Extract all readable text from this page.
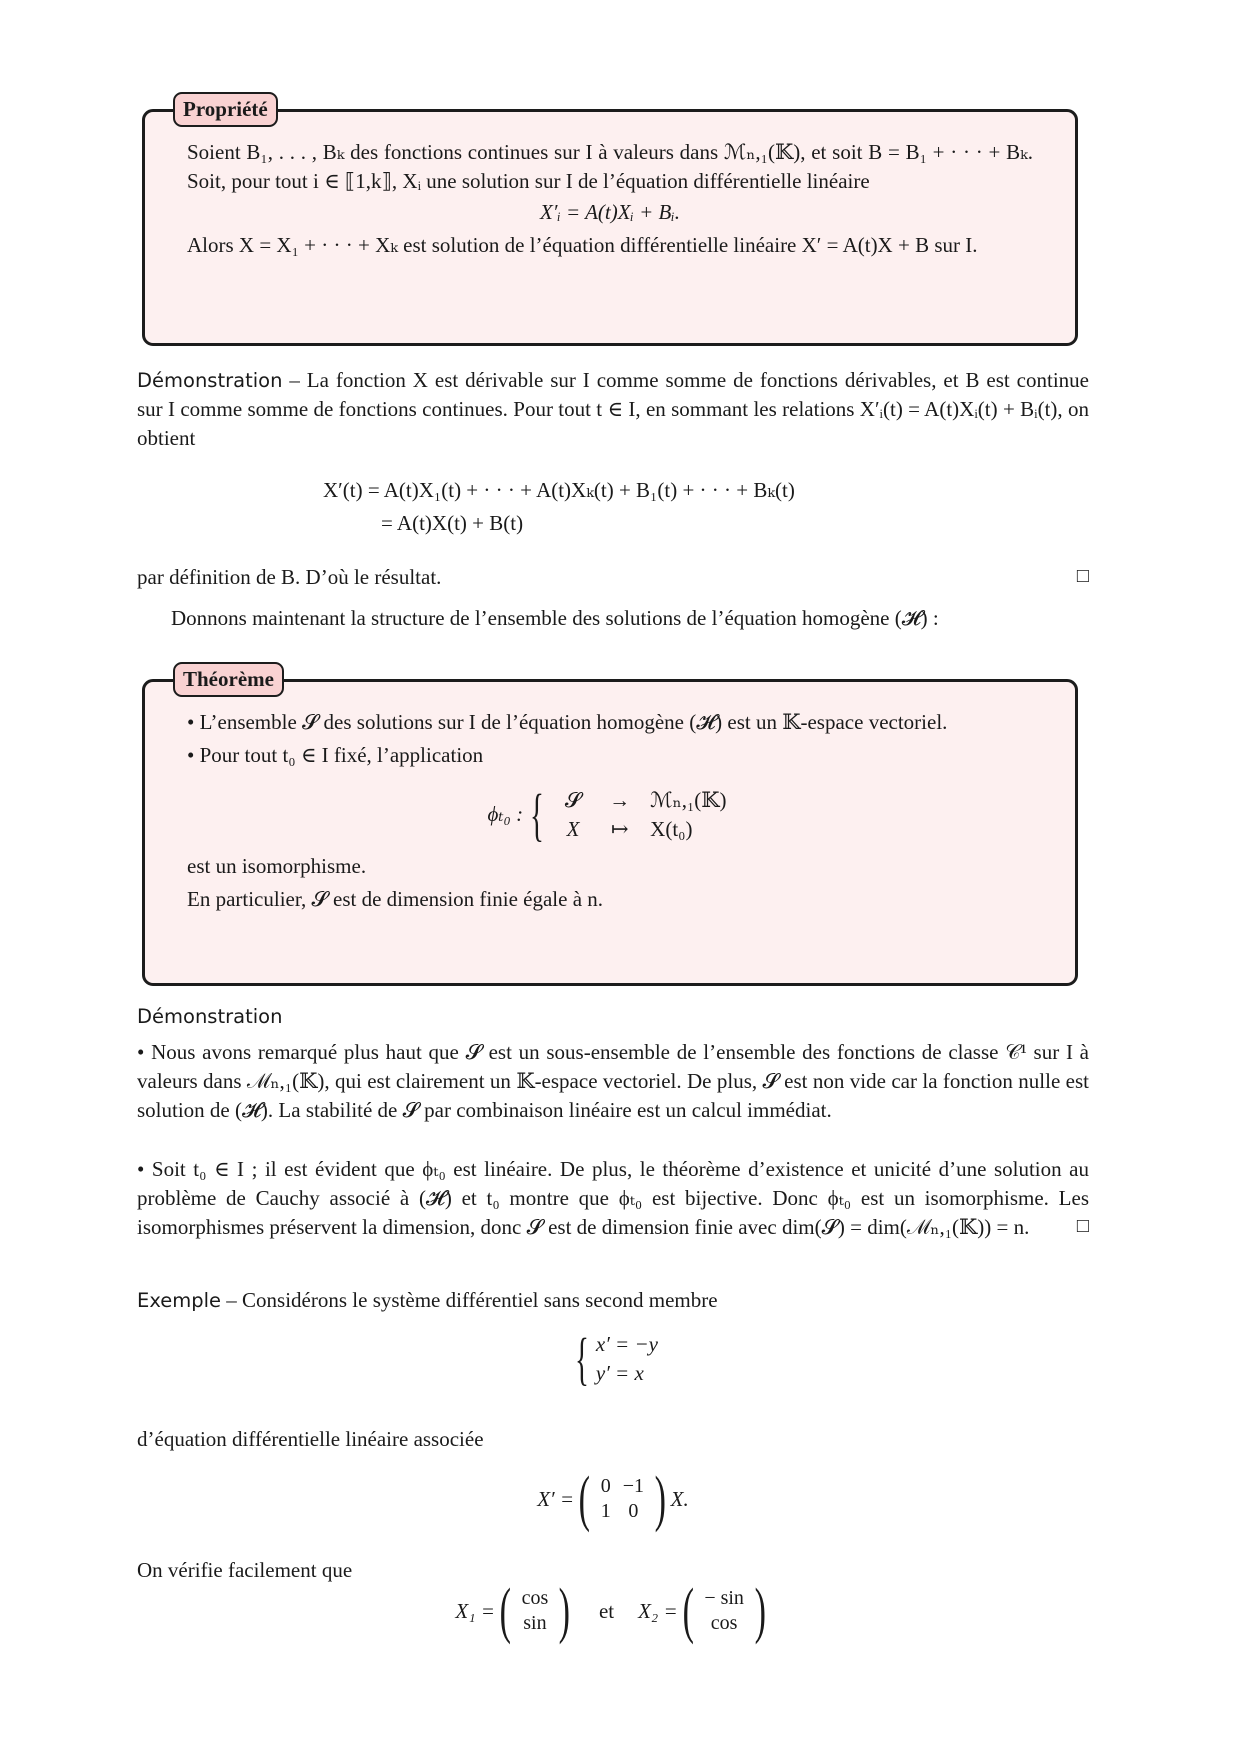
Propriété
Soient B₁, . . . , Bₖ des fonctions continues sur I à valeurs dans ℳₙ,₁(𝕂), et soit B = B₁ + · · · + Bₖ. Soit, pour tout i ∈ ⟦1,k⟧, Xᵢ une solution sur I de l’équation différentielle linéaire
X′ᵢ = A(t)Xᵢ + Bᵢ.
Alors X = X₁ + · · · + Xₖ est solution de l’équation différentielle linéaire X′ = A(t)X + B sur I.
Démonstration – La fonction X est dérivable sur I comme somme de fonctions dérivables, et B est continue sur I comme somme de fonctions continues. Pour tout t ∈ I, en sommant les relations X′ᵢ(t) = A(t)Xᵢ(t) + Bᵢ(t), on obtient
X′(t) = A(t)X₁(t) + · · · + A(t)Xₖ(t) + B₁(t) + · · · + Bₖ(t)
= A(t)X(t) + B(t)
par définition de B. D’où le résultat.	□
Donnons maintenant la structure de l’ensemble des solutions de l’équation homogène (𝓗) :
Théorème
• L’ensemble 𝓢 des solutions sur I de l’équation homogène (𝓗) est un 𝕂-espace vectoriel.
• Pour tout t₀ ∈ I fixé, l’application
ϕₜ₀ : { 𝓢	→	ℳₙ,₁(𝕂)
X	↦	X(t₀)
est un isomorphisme.
En particulier, 𝓢 est de dimension finie égale à n.
Démonstration
• Nous avons remarqué plus haut que 𝓢 est un sous-ensemble de l’ensemble des fonctions de classe 𝒞¹ sur I à valeurs dans ℳₙ,₁(𝕂), qui est clairement un 𝕂-espace vectoriel. De plus, 𝓢 est non vide car la fonction nulle est solution de (𝓗). La stabilité de 𝓢 par combinaison linéaire est un calcul immédiat.
• Soit t₀ ∈ I ; il est évident que ϕₜ₀ est linéaire. De plus, le théorème d’existence et unicité d’une solution au problème de Cauchy associé à (𝓗) et t₀ montre que ϕₜ₀ est bijective. Donc ϕₜ₀ est un isomorphisme. Les isomorphismes préservent la dimension, donc 𝓢 est de dimension finie avec dim(𝓢) = dim(ℳₙ,₁(𝕂)) = n. □
Exemple – Considérons le système différentiel sans second membre
{ x′ = −y
y′ = x
d’équation différentielle linéaire associée
X′ = ( 0	−1
1	0 ) X.
On vérifie facilement que
X₁ = ( cos
sin ) et X₂ = ( − sin
cos )
